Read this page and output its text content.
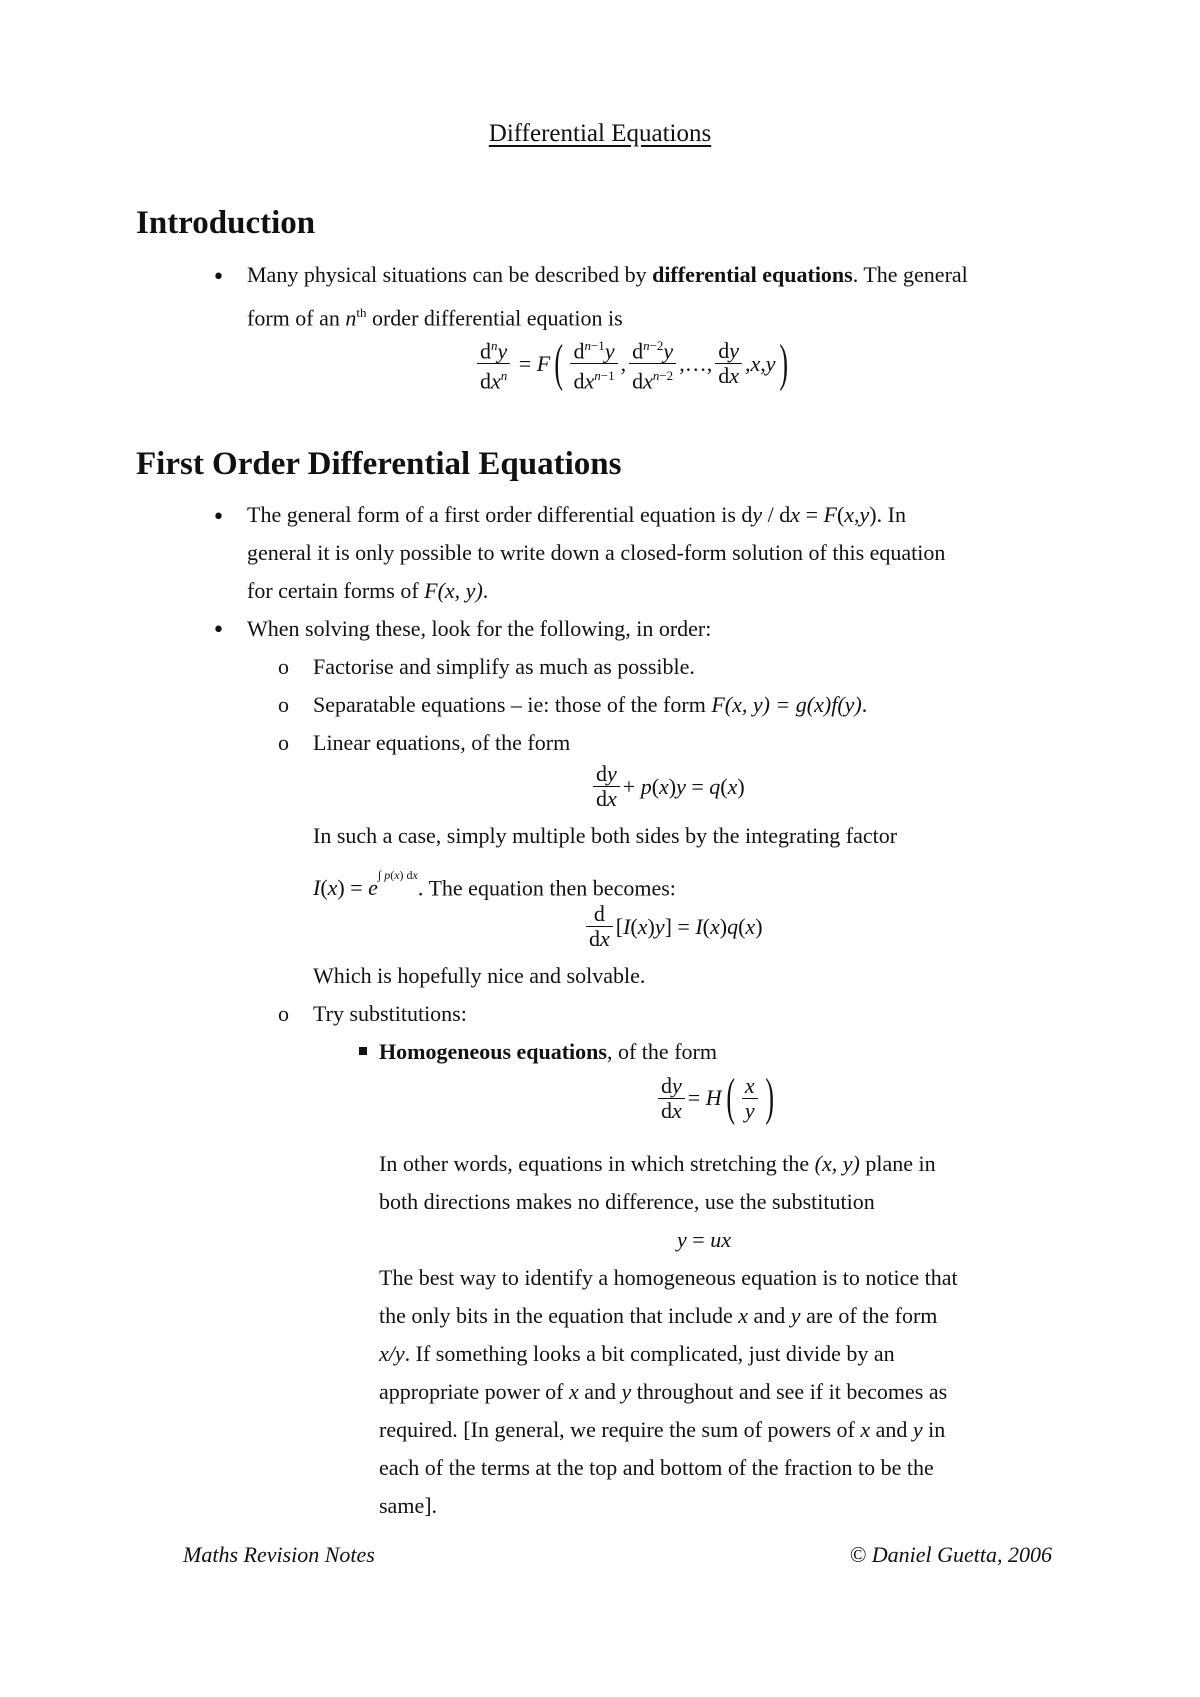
Differential Equations
Introduction
• Many physical situations can be described by differential equations. The general
form of an $n^{th}$ order differential equation is
$\frac{d^ny}{dx^n} = F( \frac{d^{n-1}y}{dx^{n-1}}$ , $\frac{d^{n-2}y}{dx^{n-2}}$ ,…, $\frac{dy}{dx} ,x,y$)
First Order Differential Equations
• The general form of a first order differential equation is dy / dx = F(x,y). In
general it is only possible to write down a closed-form solution of this equation
for certain forms of F(x, y).
• When solving these, look for the following, in order:
o Factorise and simplify as much as possible.
o Separatable equations – ie: those of the form F(x, y) = g(x)f(y).
o Linear equations, of the form
$\frac{dy}{dx} + p(x)y = q(x)$
In such a case, simply multiple both sides by the integrating factor
$I(x) = e^{\int p(x) dx}$. The equation then becomes:
$\frac{d}{dx} [I(x)y] = I(x)q(x)$
Which is hopefully nice and solvable.
o Try substitutions:
Homogeneous equations, of the form
$\frac{dy}{dx} = H( \frac{x}{y}$ )
In other words, equations in which stretching the (x, y) plane in
both directions makes no difference, use the substitution
y = ux
The best way to identify a homogeneous equation is to notice that
the only bits in the equation that include x and y are of the form
x/y. If something looks a bit complicated, just divide by an
appropriate power of x and y throughout and see if it becomes as
required. [In general, we require the sum of powers of x and y in
each of the terms at the top and bottom of the fraction to be the
same].
Maths Revision Notes	© Daniel Guetta, 2006
